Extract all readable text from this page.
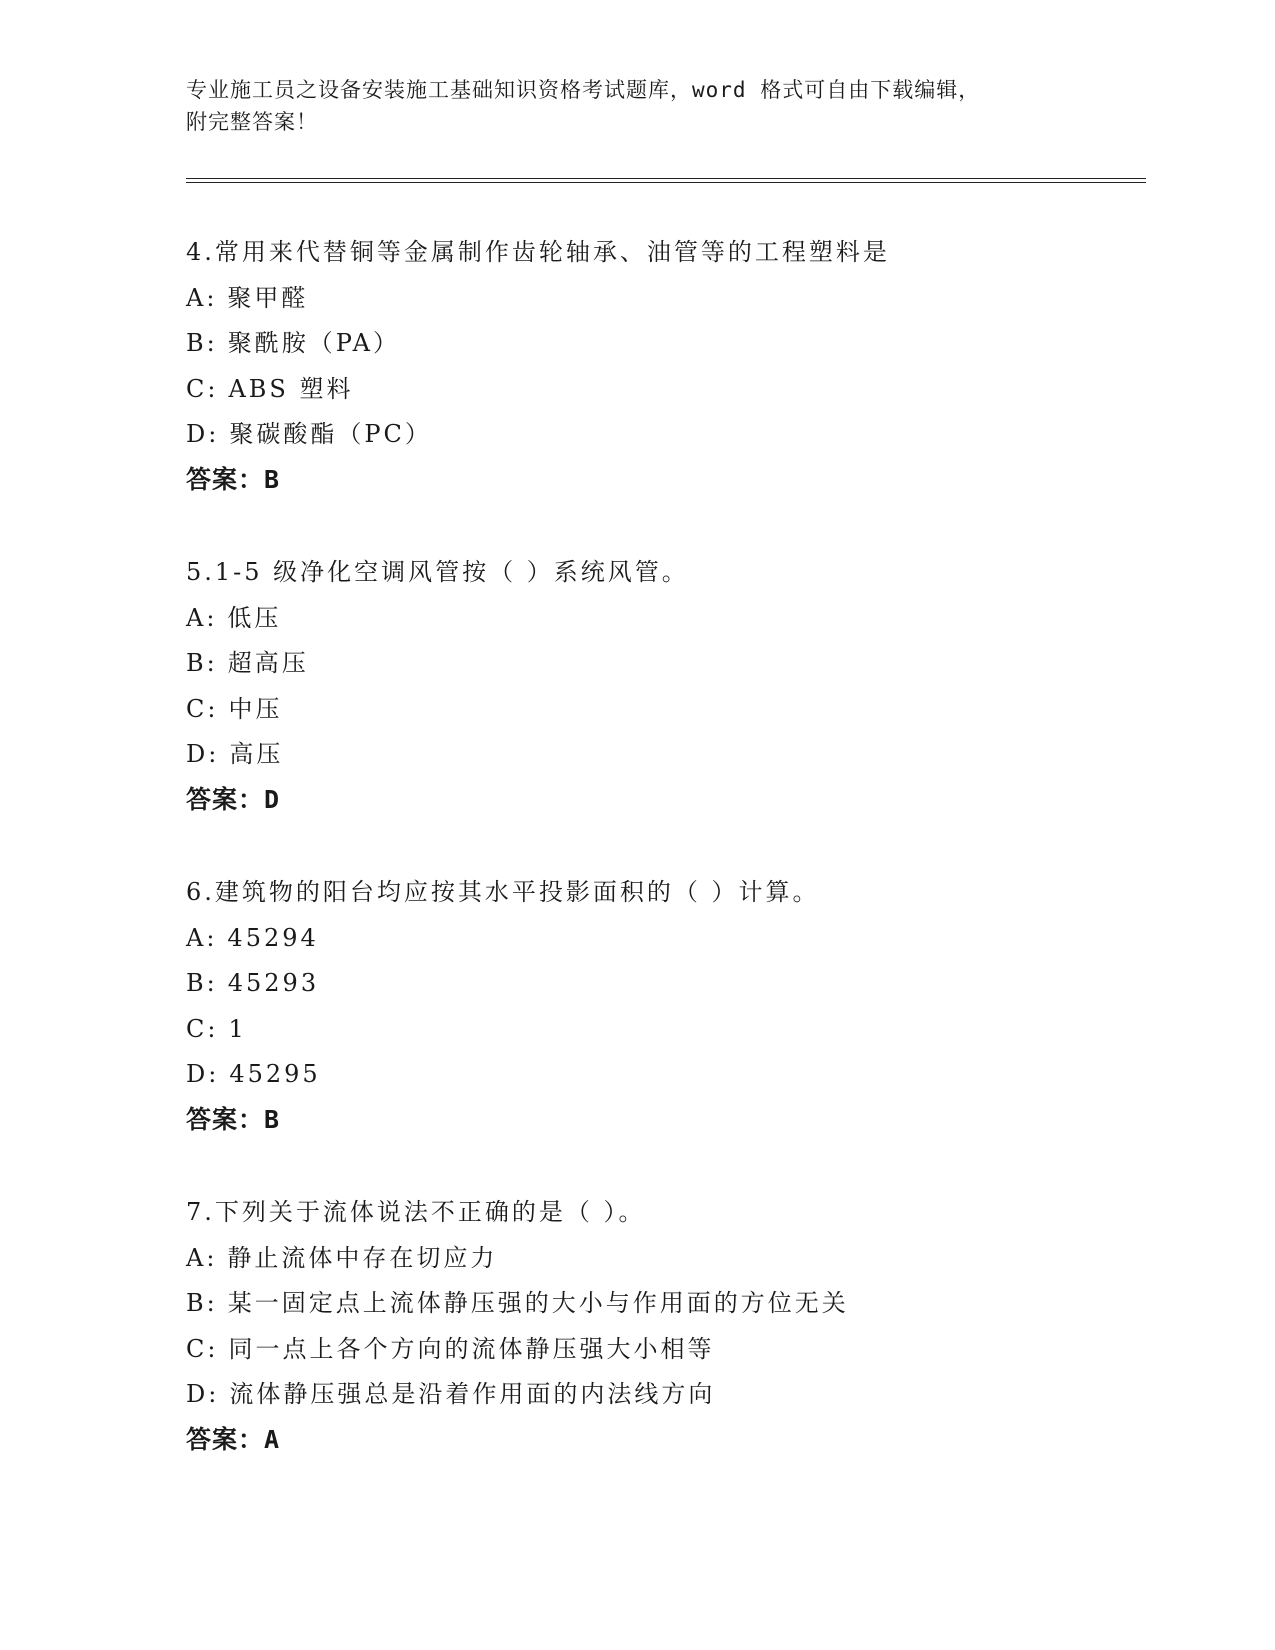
专业施工员之设备安装施工基础知识资格考试题库，word 格式可自由下载编辑，
附完整答案！
4.常用来代替铜等金属制作齿轮轴承、油管等的工程塑料是
A: 聚甲醛
B: 聚酰胺（PA）
C: ABS 塑料
D: 聚碳酸酯（PC）
答案：B
5.1-5 级净化空调风管按（ ）系统风管。
A: 低压
B: 超高压
C: 中压
D: 高压
答案：D
6.建筑物的阳台均应按其水平投影面积的（ ）计算。
A: 45294
B: 45293
C: 1
D: 45295
答案：B
7.下列关于流体说法不正确的是（ ）。
A: 静止流体中存在切应力
B: 某一固定点上流体静压强的大小与作用面的方位无关
C: 同一点上各个方向的流体静压强大小相等
D: 流体静压强总是沿着作用面的内法线方向
答案：A
